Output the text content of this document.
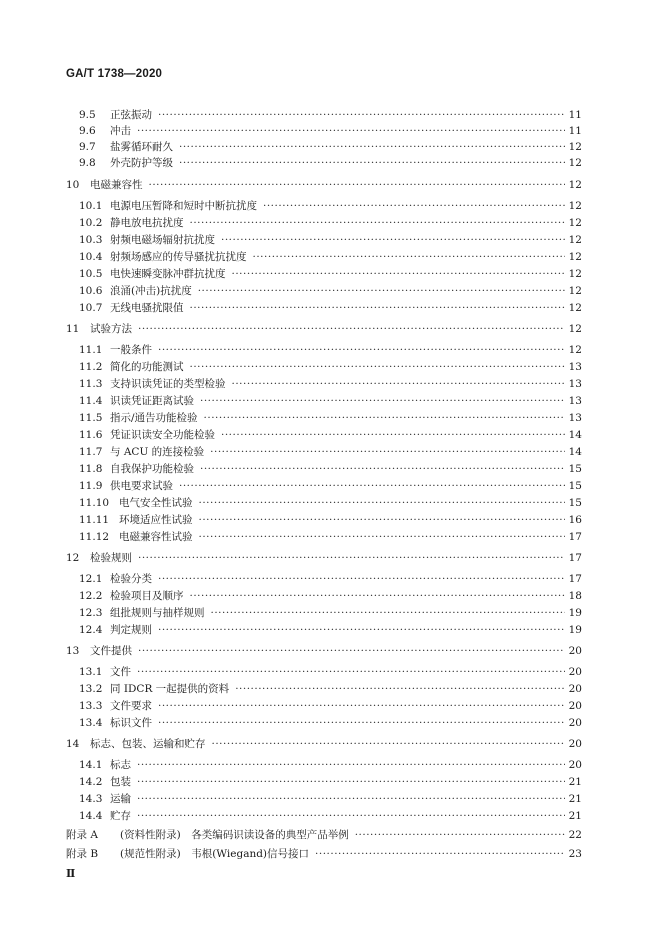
GA/T 1738—2020
9.5	正弦振动 ·····	11
9.6	冲击 ·····	11
9.7	盐雾循环耐久 ·····	12
9.8	外壳防护等级 ·····	12
10	电磁兼容性 ·····	12
10.1 电源电压暂降和短时中断抗扰度 ·····	12
10.2 静电放电抗扰度 ·····	12
10.3 射频电磁场辐射抗扰度 ·····	12
10.4 射频场感应的传导骚扰抗扰度 ·····	12
10.5 电快速瞬变脉冲群抗扰度 ·····	12
10.6 浪涌(冲击)抗扰度 ·····	12
10.7 无线电骚扰限值 ·····	12
11	试验方法 ·····	12
11.1 一般条件 ·····	12
11.2 简化的功能测试 ·····	13
11.3 支持识读凭证的类型检验 ·····	13
11.4 识读凭证距离试验 ·····	13
11.5 指示/通告功能检验 ·····	13
11.6 凭证识读安全功能检验 ·····	14
11.7 与 ACU 的连接检验 ·····	14
11.8 自我保护功能检验 ·····	15
11.9 供电要求试验 ·····	15
11.10 电气安全性试验 ·····	15
11.11 环境适应性试验 ·····	16
11.12 电磁兼容性试验 ·····	17
12	检验规则 ·····	17
12.1 检验分类 ·····	17
12.2 检验项目及顺序 ·····	18
12.3 组批规则与抽样规则 ·····	19
12.4 判定规则 ·····	19
13	文件提供 ·····	20
13.1 文件 ·····	20
13.2 同 IDCR 一起提供的资料 ·····	20
13.3 文件要求 ·····	20
13.4 标识文件 ·····	20
14	标志、包装、运输和贮存 ·····	20
14.1 标志 ·····	20
14.2 包装 ·····	21
14.3 运输 ·····	21
14.4 贮存 ·····	21
附录 A	(资料性附录)　各类编码识读设备的典型产品举例 ·····	22
附录 B	(规范性附录)　韦根(Wiegand)信号接口 ·····	23
Ⅱ
